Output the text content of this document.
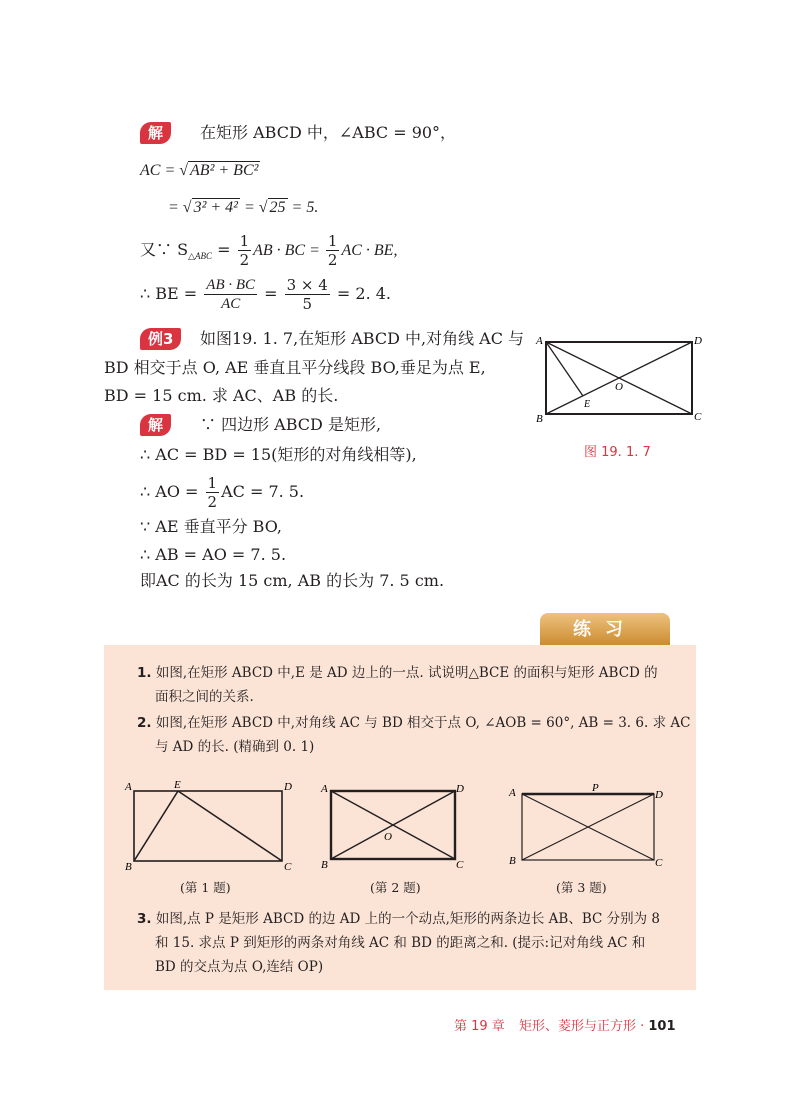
解	在矩形 ABCD 中，∠ABC = 90°，
AC = √ AB² + BC²
= √ 3² + 4² = √ 25 = 5.
又∵ $S_{\triangle ABC} = \frac{1}{2}$ AB · BC = $\frac{1}{2}$ AC · BE,
∴ BE = $\frac{AB \cdot BC}{AC} = \frac{3 \times 4}{5} = 2$. 4.
例3	如图19. 1. 7,在矩形 ABCD 中,对角线 AC 与
BD 相交于点 O, AE 垂直且平分线段 BO,垂足为点 E,
BD = 15 cm. 求 AC、AB 的长.
A	D
B	C
O
E
图 19. 1. 7
解	∵ 四边形 ABCD 是矩形,
∴ AC = BD = 15(矩形的对角线相等),
∴ AO = $\frac{1}{2}$ AC = 7. 5.
∵ AE 垂直平分 BO,
∴ AB = AO = 7. 5.
即AC 的长为 15 cm, AB 的长为 7. 5 cm.
练习
1. 如图,在矩形 ABCD 中,E 是 AD 边上的一点. 试说明△BCE 的面积与矩形 ABCD 的
面积之间的关系.
2. 如图,在矩形 ABCD 中,对角线 AC 与 BD 相交于点 O, ∠AOB = 60°, AB = 3. 6. 求 AC
与 AD 的长. (精确到 0. 1)
A	E	D
B	C
(第 1 题)
A	D
O
B	C
(第 2 题)
A	P
D
B	C
(第 3 题)
3. 如图,点 P 是矩形 ABCD 的边 AD 上的一个动点,矩形的两条边长 AB、BC 分别为 8
和 15. 求点 P 到矩形的两条对角线 AC 和 BD 的距离之和. (提示:记对角线 AC 和
BD 的交点为点 O,连结 OP)
第 19 章 矩形、菱形与正方形 · 101
